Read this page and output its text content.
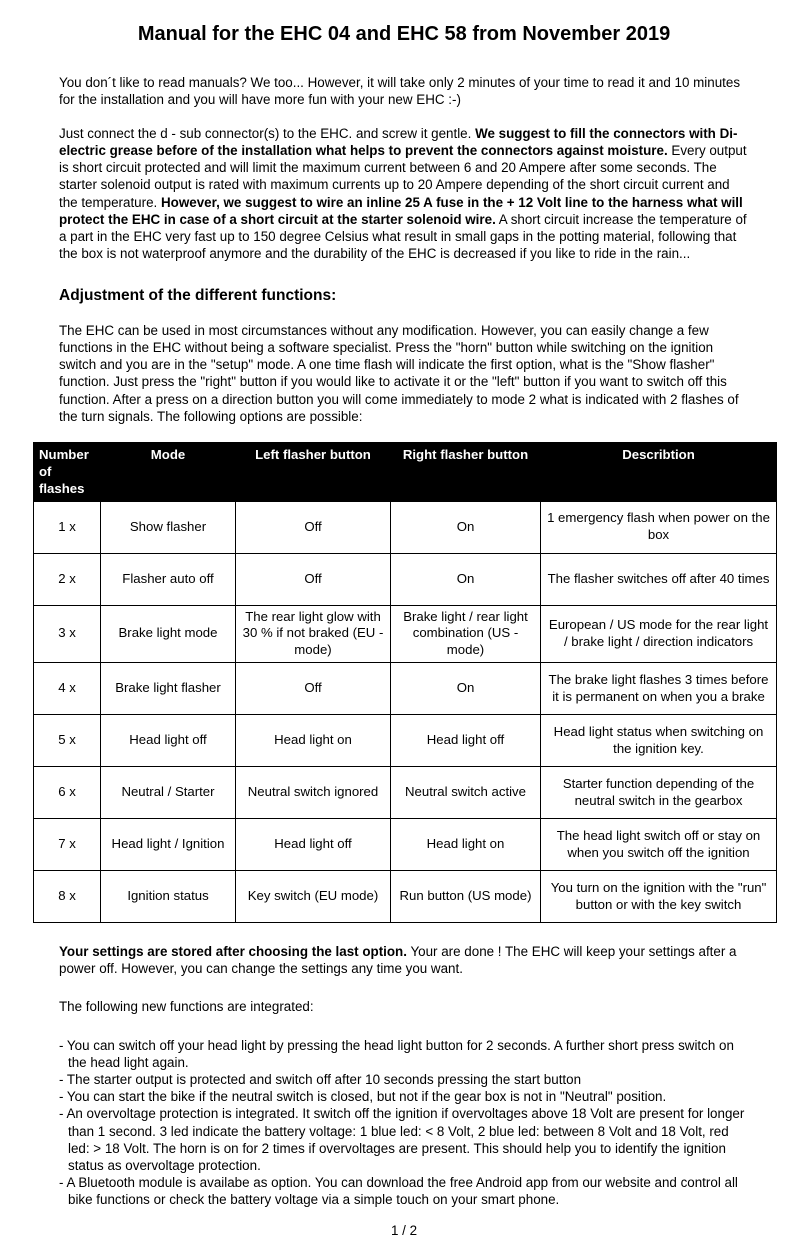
Manual for the EHC 04 and EHC 58 from November 2019

You don´t like to read manuals? We too... However, it will take only 2 minutes of your time to read it and 10 minutes for the installation and you will have more fun with your new EHC :-)

Just connect the d - sub connector(s) to the EHC. and screw it gentle. We suggest to fill the connectors with Di-electric grease before of the installation what helps to prevent the connectors against moisture. Every output is short circuit protected and will limit the maximum current between 6 and 20 Ampere after some seconds. The starter solenoid output is rated with maximum currents up to 20 Ampere depending of the short circuit current and the temperature. However, we suggest to wire an inline 25 A fuse in the + 12 Volt line to the harness what will protect the EHC in case of a short circuit at the starter solenoid wire. A short circuit increase the temperature of a part in the EHC very fast up to 150 degree Celsius what result in small gaps in the potting material, following that the box is not waterproof anymore and the durability of the EHC is decreased if you like to ride in the rain...

Adjustment of the different functions:

The EHC can be used in most circumstances without any modification. However, you can easily change a few functions in the EHC without being a software specialist. Press the "horn" button while switching on the ignition switch and you are in the "setup" mode. A one time flash will indicate the first option, what is the "Show flasher" function. Just press the "right" button if you would like to activate it or the "left" button if you want to switch off this function. After a press on a direction button you will come immediately to mode 2 what is indicated with 2 flashes of the turn signals. The following options are possible:

Number of flashes	Mode	Left flasher button	Right flasher button	Describtion
1 x	Show flasher	Off	On	1 emergency flash when power on the box
2 x	Flasher auto off	Off	On	The flasher switches off after 40 times
3 x	Brake light mode	The rear light glow with 30 % if not braked (EU - mode)	Brake light / rear light combination (US - mode)	European / US mode for the rear light / brake light / direction indicators
4 x	Brake light flasher	Off	On	The brake light flashes 3 times before it is permanent on when you a brake
5 x	Head light off	Head light on	Head light off	Head light status when switching on the ignition key.
6 x	Neutral / Starter	Neutral switch ignored	Neutral switch active	Starter function depending of the neutral switch in the gearbox
7 x	Head light / Ignition	Head light off	Head light on	The head light switch off or stay on when you switch off the ignition
8 x	Ignition status	Key switch (EU mode)	Run button (US mode)	You turn on the ignition with the "run" button or with the key switch

Your settings are stored after choosing the last option. Your are done ! The EHC will keep your settings after a power off. However, you can change the settings any time you want.

The following new functions are integrated:

- You can switch off your head light by pressing the head light button for 2 seconds. A further short press switch on the head light again.
- The starter output is protected and switch off after 10 seconds pressing the start button
- You can start the bike if the neutral switch is closed, but not if the gear box is not in "Neutral" position.
- An overvoltage protection is integrated. It switch off the ignition if overvoltages above 18 Volt are present for longer than 1 second. 3 led indicate the battery voltage: 1 blue led: < 8 Volt, 2 blue led: between 8 Volt and 18 Volt, red led: > 18 Volt. The horn is on for 2 times if overvoltages are present. This should help you to identify the ignition status as overvoltage protection.
- A Bluetooth module is availabe as option. You can download the free Android app from our website and control all bike functions or check the battery voltage via a simple touch on your smart phone.
1 / 2
